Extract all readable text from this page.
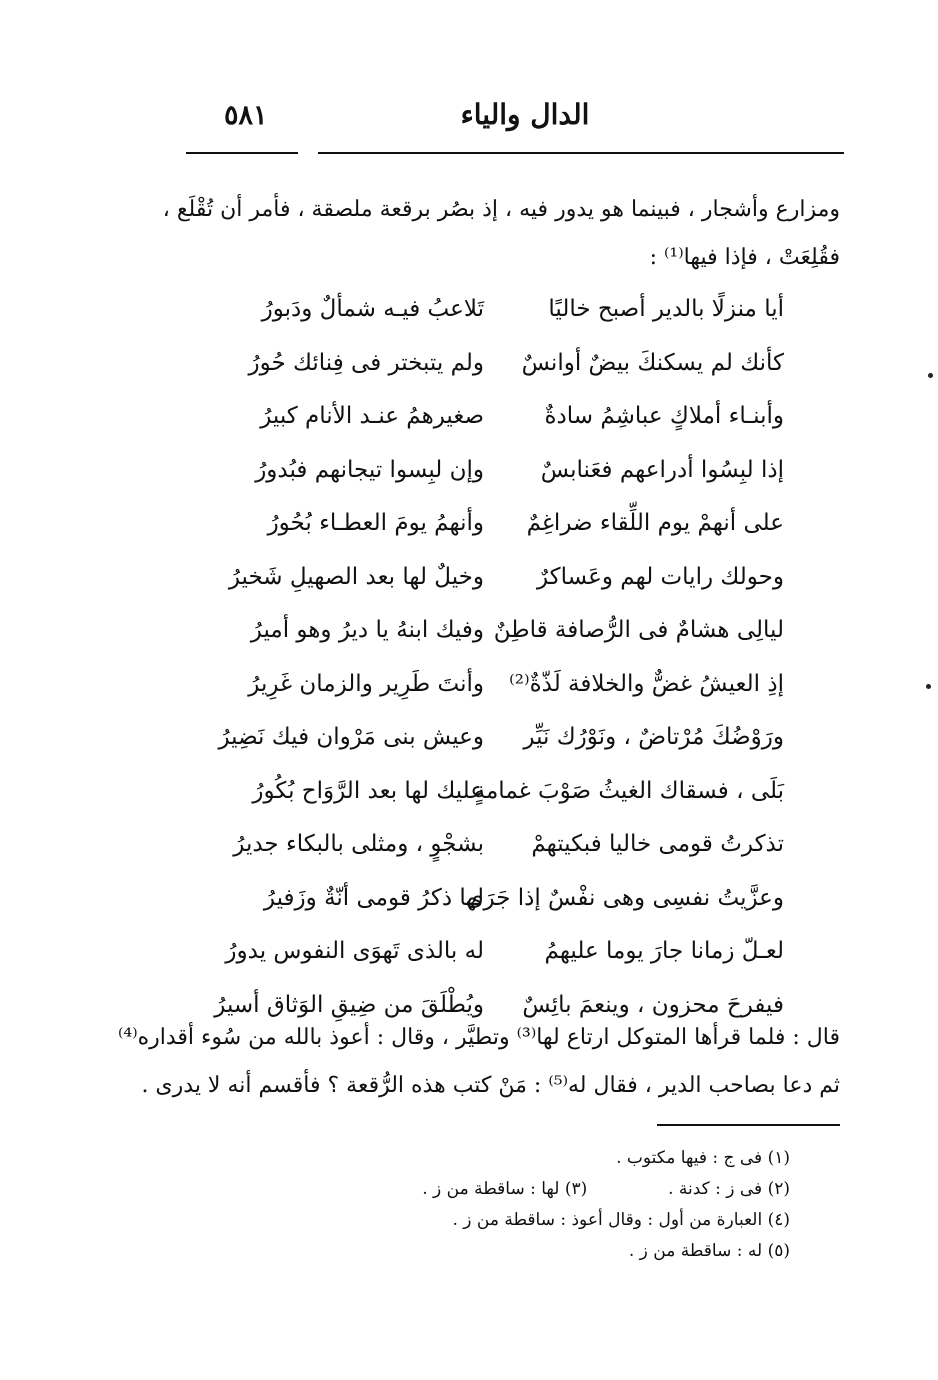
٥٨١	الدال والياء
ومزارع وأشجار ، فبينما هو يدور فيه ، إذ بصُر برقعة ملصقة ، فأمر أن تُقْلَع ،
فقُلِعَتْ ، فإذا فيها⁽¹⁾ :
أيا منزلًا بالدير أصبح خاليًا
تَلاعبُ فيـه شمألٌ ودَبورُ
كأنك لم يسكنكَ بيضٌ أوانسٌ
ولم يتبختر فى فِنائك حُورُ
وأبنـاء أملاكٍ عباشِمُ سادةٌ
صغيرهمُ عنـد الأنام كبيرُ
إذا لبِسُوا أدراعهم فعَنابسٌ
وإن لبِسوا تيجانهم فبُدورُ
على أنهمْ يوم اللِّقاء ضراغِمٌ
وأنهمُ يومَ العطـاء بُحُورُ
وحولك رايات لهم وعَساكرٌ
وخيلٌ لها بعد الصهيلِ شَخيرُ
ليالِى هشامٌ فى الرُّصافة قاطِنٌ
وفيك ابنهُ يا ديرُ وهو أميرُ
إذِ العيشُ غضٌّ والخلافة لَذّةٌ⁽²⁾
وأنتَ طَرِير والزمان غَرِيرُ
ورَوْضُكَ مُرْتاضٌ ، ونَوْرُك نَيِّر
وعيش بنى مَرْوان فيك نَضِيرُ
بَلَى ، فسقاك الغيثُ صَوْبَ غمامةٍ
عليك لها بعد الرَّوَاح بُكُورُ
تذكرتُ قومى خاليا فبكيتهمْ
بشجْوٍ ، ومثلى بالبكاء جديرُ
وعزَّيتُ نفسِى وهى نفْسٌ إذا جَرَى
لها ذكرُ قومى أنّةٌ وزَفيرُ
لعـلّ زمانا جارَ يوما عليهمُ
له بالذى تَهوَى النفوس يدورُ
فيفرحَ محزون ، وينعمَ بائِسٌ
ويُطْلَقَ من ضِيقِ الوَثاق أسيرُ
قال : فلما قرأها المتوكل ارتاع لها⁽³⁾ وتطيَّر ، وقال : أعوذ بالله من سُوء أقداره⁽⁴⁾
ثم دعا بصاحب الدير ، فقال له⁽⁵⁾ : مَنْ كتب هذه الرُّقعة ؟ فأقسم أنه لا يدرى .
(١) فى ج : فيها مكتوب .
(٢) فى ز : كدنة .  (٣) لها : ساقطة من ز .
(٤) العبارة من أول : وقال أعوذ : ساقطة من ز .
(٥) له : ساقطة من ز .
